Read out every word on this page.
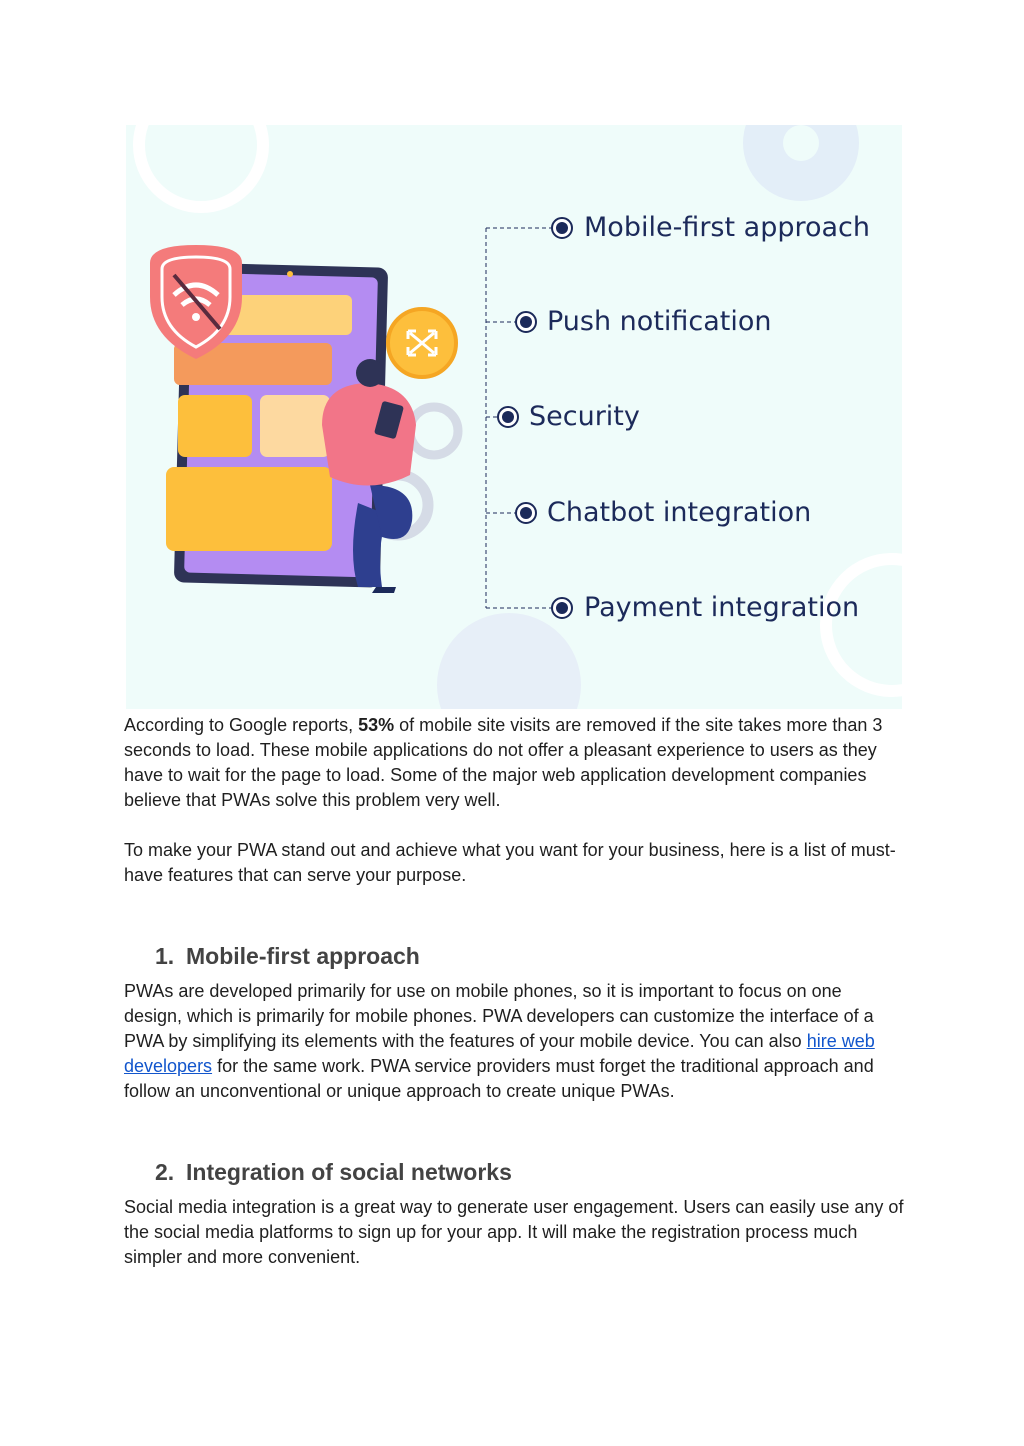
Mobile-first approach
Push notification
Security
Chatbot integration
Payment integration

According to Google reports, 53% of mobile site visits are removed if the site takes more than 3 seconds to load. These mobile applications do not offer a pleasant experience to users as they have to wait for the page to load. Some of the major web application development companies believe that PWAs solve this problem very well.

To make your PWA stand out and achieve what you want for your business, here is a list of must-have features that can serve your purpose.

1. Mobile-first approach

PWAs are developed primarily for use on mobile phones, so it is important to focus on one design, which is primarily for mobile phones. PWA developers can customize the interface of a PWA by simplifying its elements with the features of your mobile device. You can also hire web developers for the same work. PWA service providers must forget the traditional approach and follow an unconventional or unique approach to create unique PWAs.

2. Integration of social networks

Social media integration is a great way to generate user engagement. Users can easily use any of the social media platforms to sign up for your app. It will make the registration process much simpler and more convenient.
